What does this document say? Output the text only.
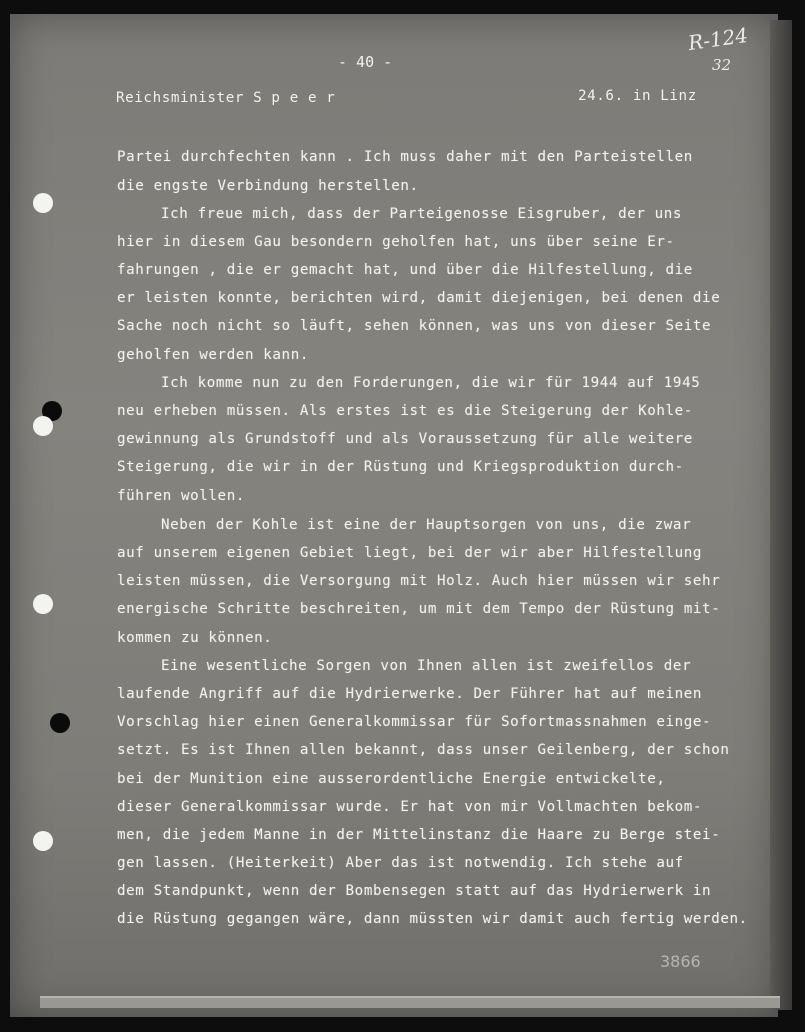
R-124
32
- 40 -
Reichsminister S p e e r	24.6. in Linz
Partei durchfechten kann . Ich muss daher mit den Parteistellen
die engste Verbindung herstellen.
Ich freue mich, dass der Parteigenosse Eisgruber, der uns
hier in diesem Gau besondern geholfen hat, uns über seine Er-
fahrungen , die er gemacht hat, und über die Hilfestellung, die
er leisten konnte, berichten wird, damit diejenigen, bei denen die
Sache noch nicht so läuft, sehen können, was uns von dieser Seite
geholfen werden kann.
Ich komme nun zu den Forderungen, die wir für 1944 auf 1945
neu erheben müssen. Als erstes ist es die Steigerung der Kohle-
gewinnung als Grundstoff und als Voraussetzung für alle weitere
Steigerung, die wir in der Rüstung und Kriegsproduktion durch-
führen wollen.
Neben der Kohle ist eine der Hauptsorgen von uns, die zwar
auf unserem eigenen Gebiet liegt, bei der wir aber Hilfestellung
leisten müssen, die Versorgung mit Holz. Auch hier müssen wir sehr
energische Schritte beschreiten, um mit dem Tempo der Rüstung mit-
kommen zu können.
Eine wesentliche Sorgen von Ihnen allen ist zweifellos der
laufende Angriff auf die Hydrierwerke. Der Führer hat auf meinen
Vorschlag hier einen Generalkommissar für Sofortmassnahmen einge-
setzt. Es ist Ihnen allen bekannt, dass unser Geilenberg, der schon
bei der Munition eine ausserordentliche Energie entwickelte,
dieser Generalkommissar wurde. Er hat von mir Vollmachten bekom-
men, die jedem Manne in der Mittelinstanz die Haare zu Berge stei-
gen lassen. (Heiterkeit) Aber das ist notwendig. Ich stehe auf
dem Standpunkt, wenn der Bombensegen statt auf das Hydrierwerk in
die Rüstung gegangen wäre, dann müssten wir damit auch fertig werden.
3866
